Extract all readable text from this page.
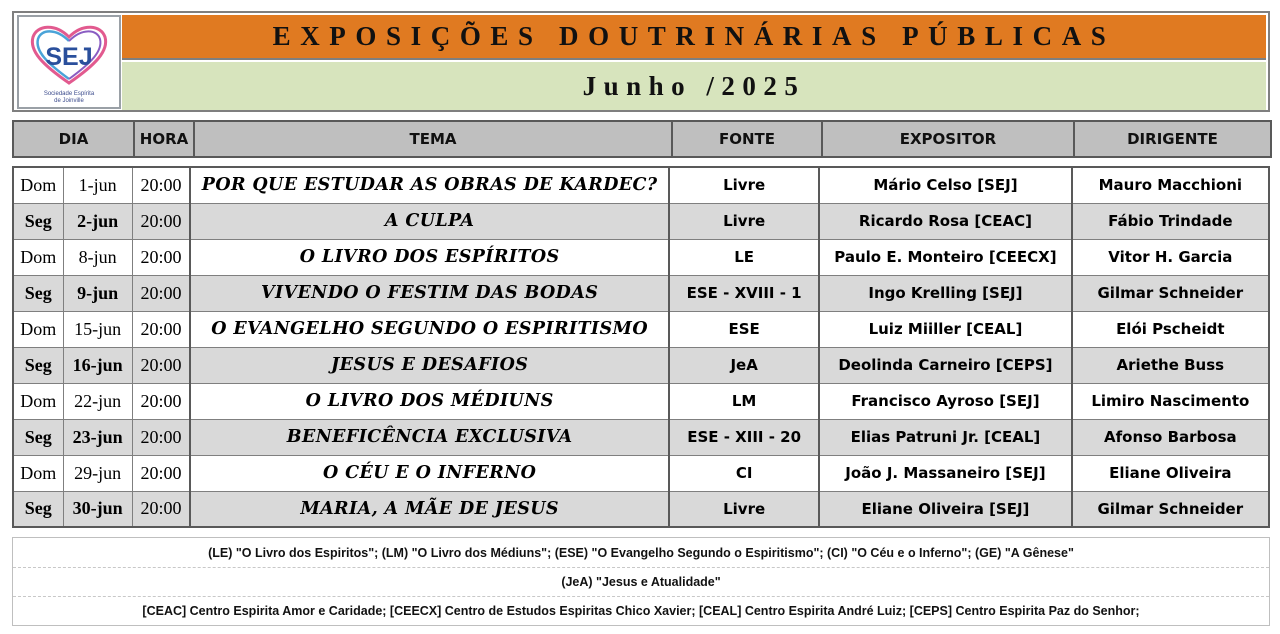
SEJ
Sociedade Espírita
de Joinville
EXPOSIÇÕES DOUTRINÁRIAS PÚBLICAS
Junho /2025
DIA	HORA	TEMA	FONTE	EXPOSITOR	DIRIGENTE
Dom	1-jun	20:00	POR QUE ESTUDAR AS OBRAS DE KARDEC?	Livre	Mário Celso [SEJ]	Mauro Macchioni
Seg	2-jun	20:00	A CULPA	Livre	Ricardo Rosa [CEAC]	Fábio Trindade
Dom	8-jun	20:00	O LIVRO DOS ESPÍRITOS	LE	Paulo E. Monteiro [CEECX]	Vitor H. Garcia
Seg	9-jun	20:00	VIVENDO O FESTIM DAS BODAS	ESE - XVIII - 1	Ingo Krelling [SEJ]	Gilmar Schneider
Dom	15-jun	20:00	O EVANGELHO SEGUNDO O ESPIRITISMO	ESE	Luiz Miiller [CEAL]	Elói Pscheidt
Seg	16-jun	20:00	JESUS E DESAFIOS	JeA	Deolinda Carneiro [CEPS]	Ariethe Buss
Dom	22-jun	20:00	O LIVRO DOS MÉDIUNS	LM	Francisco Ayroso [SEJ]	Limiro Nascimento
Seg	23-jun	20:00	BENEFICÊNCIA EXCLUSIVA	ESE - XIII - 20	Elias Patruni Jr. [CEAL]	Afonso Barbosa
Dom	29-jun	20:00	O CÉU E O INFERNO	CI	João J. Massaneiro [SEJ]	Eliane Oliveira
Seg	30-jun	20:00	MARIA, A MÃE DE JESUS	Livre	Eliane Oliveira [SEJ]	Gilmar Schneider
(LE) "O Livro dos Espiritos"; (LM) "O Livro dos Médiuns"; (ESE) "O Evangelho Segundo o Espiritismo"; (CI) "O Céu e o Inferno"; (GE) "A Gênese"
(JeA) "Jesus e Atualidade"
[CEAC] Centro Espirita Amor e Caridade; [CEECX] Centro de Estudos Espiritas Chico Xavier; [CEAL] Centro Espirita André Luiz; [CEPS] Centro Espirita Paz do Senhor;
